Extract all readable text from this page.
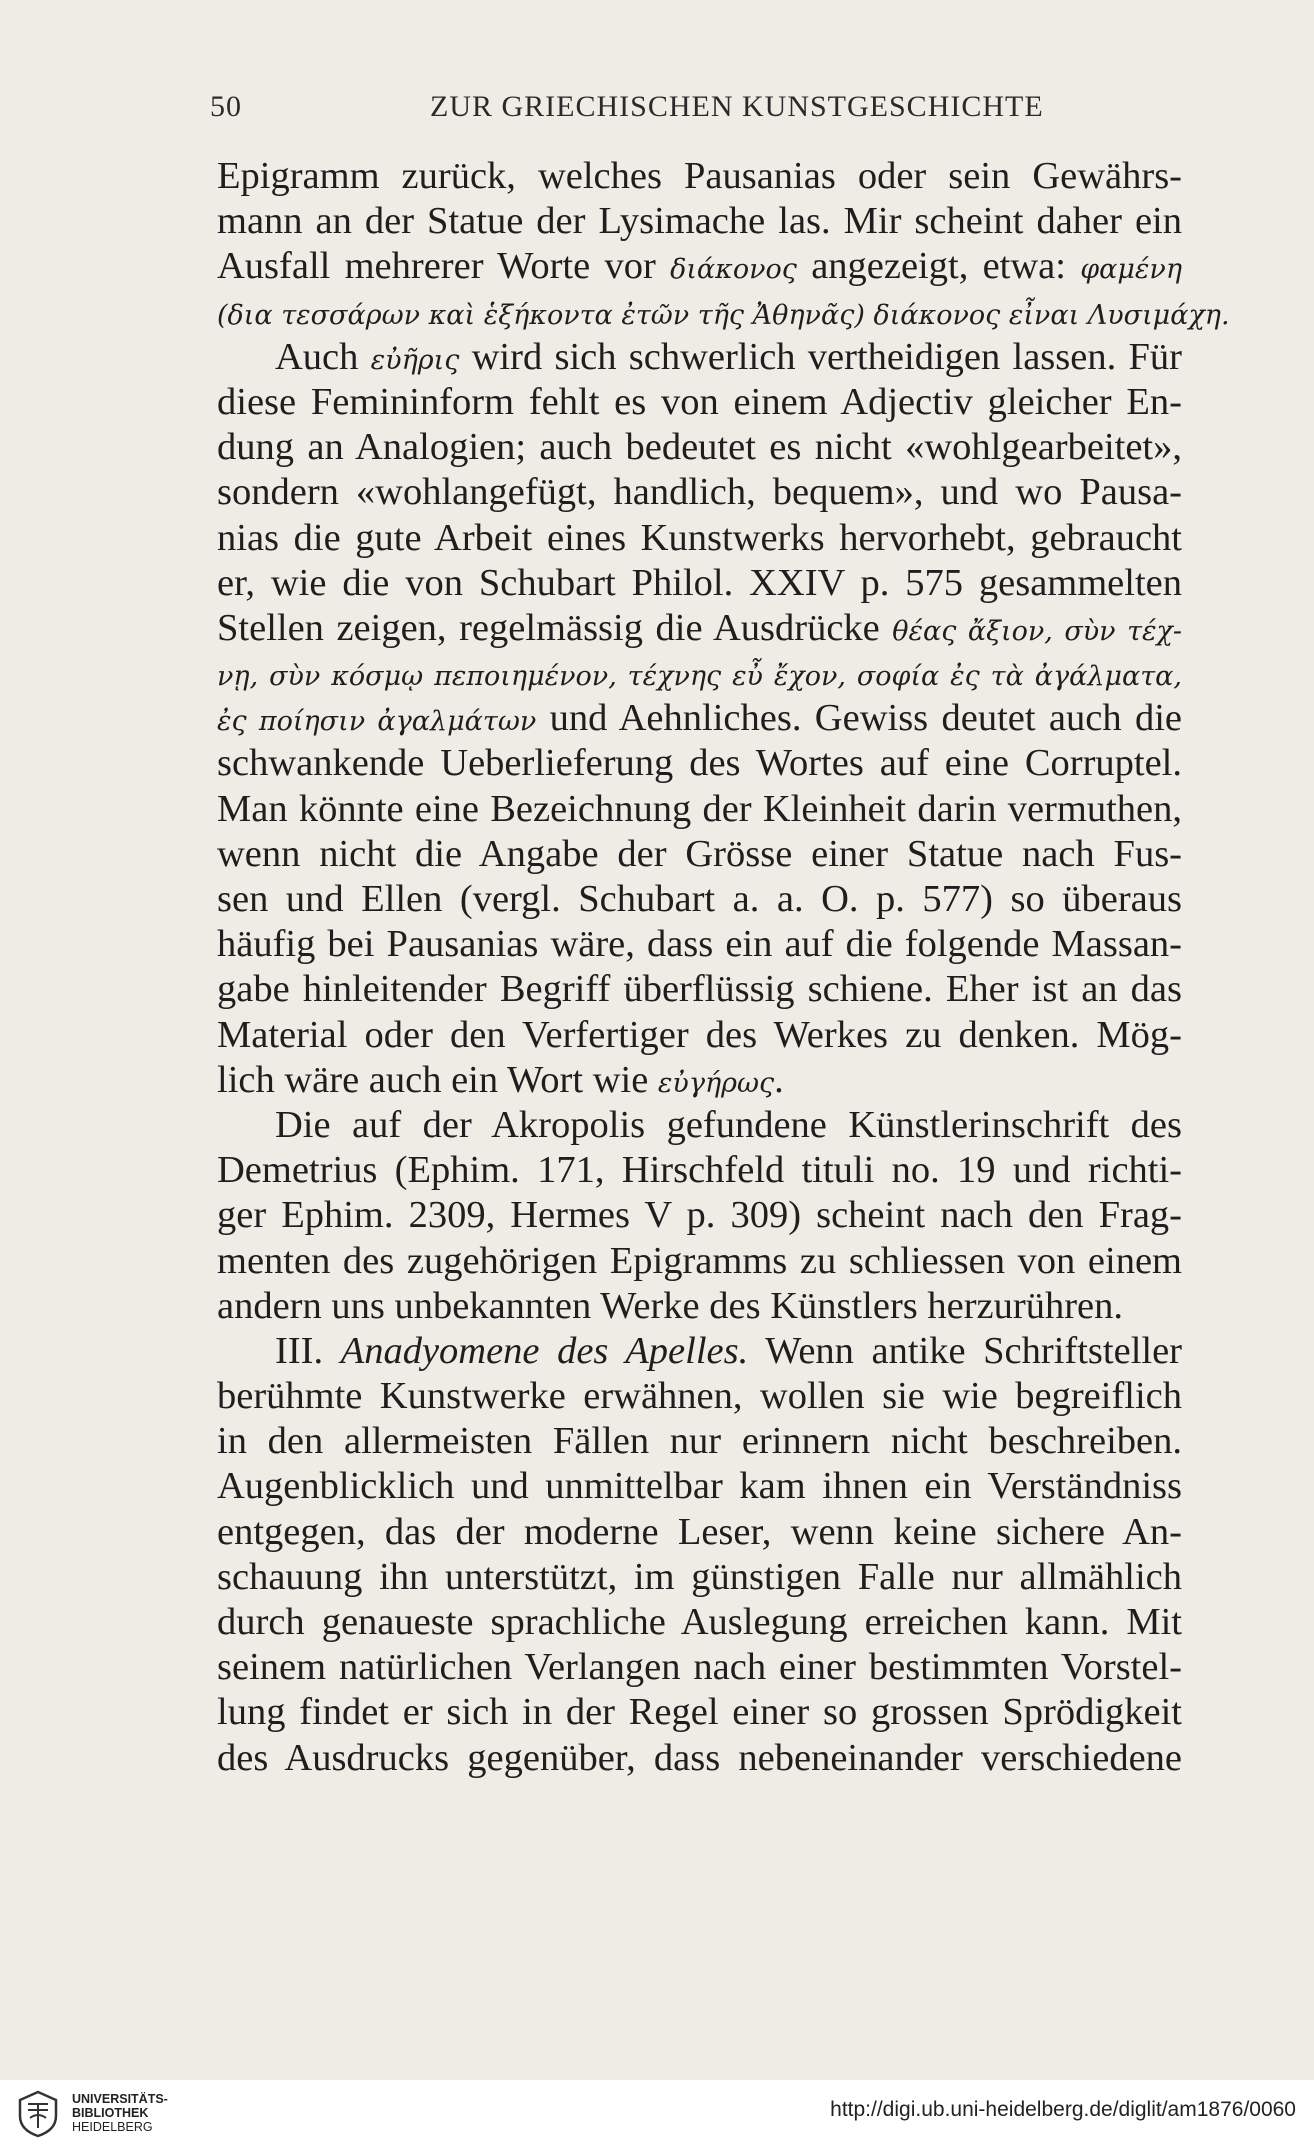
50	ZUR GRIECHISCHEN KUNSTGESCHICHTE
Epigramm zurück, welches Pausanias oder sein Gewährs-
mann an der Statue der Lysimache las. Mir scheint daher ein
Ausfall mehrerer Worte vor διάκονος angezeigt, etwa: φαμένη
(δια τεσσάρων καὶ ἑξήκοντα ἐτῶν τῆς Ἀθηνᾶς) διάκονος εἶναι Λυσιμάχη.
Auch εὐῆρις wird sich schwerlich vertheidigen lassen. Für
diese Femininform fehlt es von einem Adjectiv gleicher En-
dung an Analogien; auch bedeutet es nicht «wohlgearbeitet»,
sondern «wohlangefügt, handlich, bequem», und wo Pausa-
nias die gute Arbeit eines Kunstwerks hervorhebt, gebraucht
er, wie die von Schubart Philol. XXIV p. 575 gesammelten
Stellen zeigen, regelmässig die Ausdrücke θέας ἄξιον, σὺν τέχ-
νῃ, σὺν κόσμῳ πεποιημένον, τέχνης εὖ ἔχον, σοφία ἐς τὰ ἀγάλματα,
ἐς ποίησιν ἀγαλμάτων und Aehnliches. Gewiss deutet auch die
schwankende Ueberlieferung des Wortes auf eine Corruptel.
Man könnte eine Bezeichnung der Kleinheit darin vermuthen,
wenn nicht die Angabe der Grösse einer Statue nach Fus-
sen und Ellen (vergl. Schubart a. a. O. p. 577) so überaus
häufig bei Pausanias wäre, dass ein auf die folgende Massan-
gabe hinleitender Begriff überflüssig schiene. Eher ist an das
Material oder den Verfertiger des Werkes zu denken. Mög-
lich wäre auch ein Wort wie εὐγήρως.
Die auf der Akropolis gefundene Künstlerinschrift des
Demetrius (Ephim. 171, Hirschfeld tituli no. 19 und richti-
ger Ephim. 2309, Hermes V p. 309) scheint nach den Frag-
menten des zugehörigen Epigramms zu schliessen von einem
andern uns unbekannten Werke des Künstlers herzurühren.
III. Anadyomene des Apelles. Wenn antike Schriftsteller
berühmte Kunstwerke erwähnen, wollen sie wie begreiflich
in den allermeisten Fällen nur erinnern nicht beschreiben.
Augenblicklich und unmittelbar kam ihnen ein Verständniss
entgegen, das der moderne Leser, wenn keine sichere An-
schauung ihn unterstützt, im günstigen Falle nur allmählich
durch genaueste sprachliche Auslegung erreichen kann. Mit
seinem natürlichen Verlangen nach einer bestimmten Vorstel-
lung findet er sich in der Regel einer so grossen Sprödigkeit
des Ausdrucks gegenüber, dass nebeneinander verschiedene
UNIVERSITÄTS-
BIBLIOTHEK
HEIDELBERG
http://digi.ub.uni-heidelberg.de/diglit/am1876/0060
